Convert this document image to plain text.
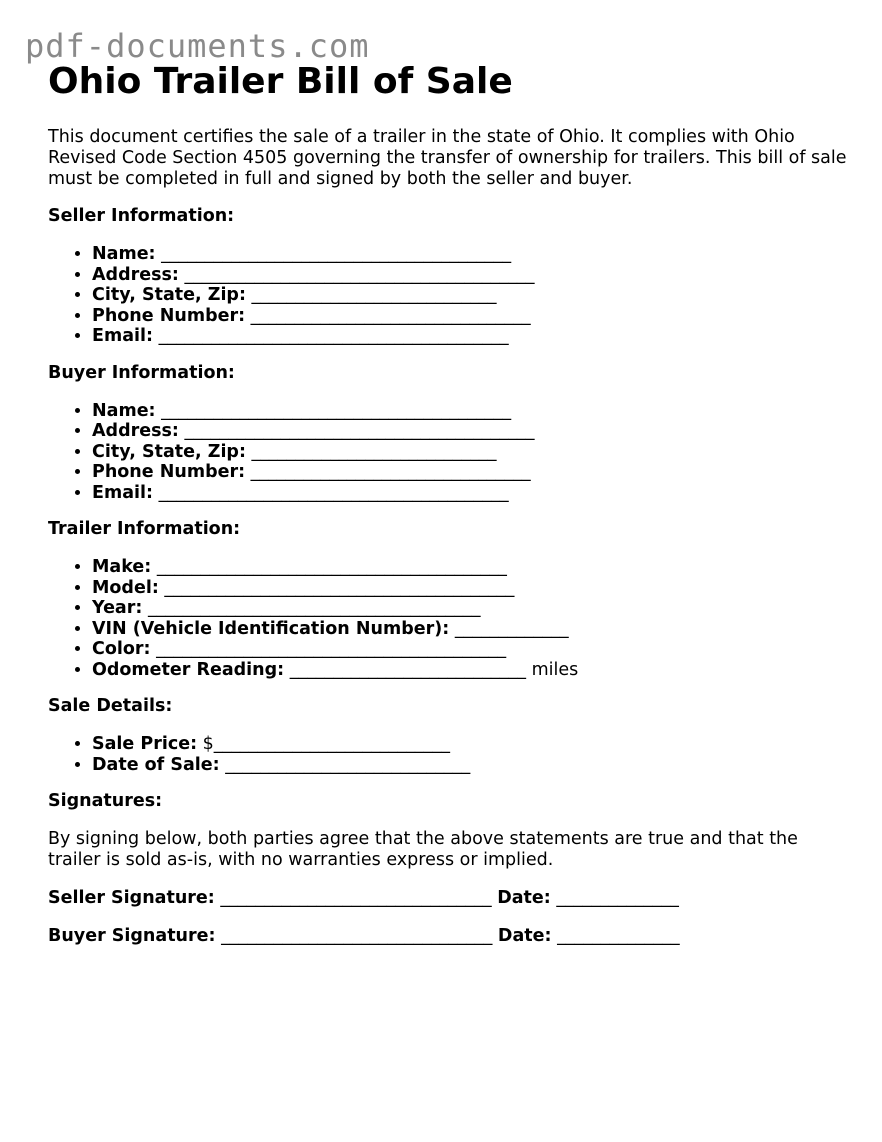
pdf-documents.com
Ohio Trailer Bill of Sale

This document certifies the sale of a trailer in the state of Ohio. It complies with Ohio Revised Code Section 4505 governing the transfer of ownership for trailers. This bill of sale must be completed in full and signed by both the seller and buyer.

Seller Information:
• Name: ________________________________________
• Address: ________________________________________
• City, State, Zip: ____________________________
• Phone Number: ________________________________
• Email: ________________________________________
Buyer Information:
• Name: ________________________________________
• Address: ________________________________________
• City, State, Zip: ____________________________
• Phone Number: ________________________________
• Email: ________________________________________
Trailer Information:
• Make: ________________________________________
• Model: ________________________________________
• Year: ______________________________________
• VIN (Vehicle Identification Number): _____________
• Color: ________________________________________
• Odometer Reading: ___________________________ miles
Sale Details:
• Sale Price: $___________________________
• Date of Sale: ____________________________
Signatures:

By signing below, both parties agree that the above statements are true and that the trailer is sold as-is, with no warranties express or implied.

Seller Signature: _______________________________ Date: ______________
Buyer Signature: _______________________________ Date: ______________
